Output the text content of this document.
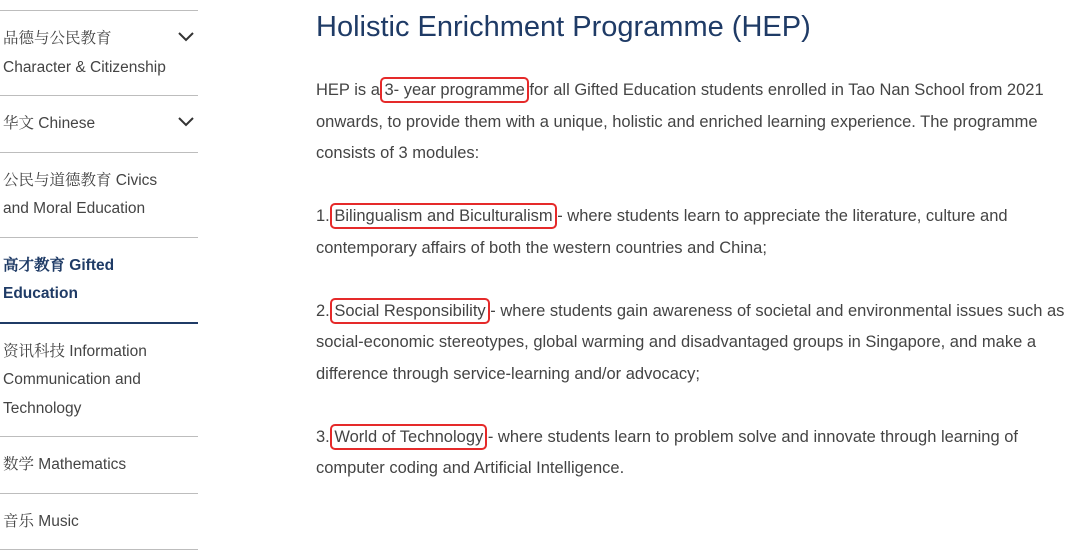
品德与公民教育
Character & Citizenship
华文 Chinese
公民与道德教育 Civics and Moral Education
高才教育 Gifted Education
资讯科技 Information Communication and Technology
数学 Mathematics
音乐 Music
Holistic Enrichment Programme (HEP)

HEP is a 3- year programme for all Gifted Education students enrolled in Tao Nan School from 2021 onwards, to provide them with a unique, holistic and enriched learning experience. The programme consists of 3 modules:

1. Bilingualism and Biculturalism - where students learn to appreciate the literature, culture and contemporary affairs of both the western countries and China;

2. Social Responsibility - where students gain awareness of societal and environmental issues such as social-economic stereotypes, global warming and disadvantaged groups in Singapore, and make a difference through service-learning and/or advocacy;

3. World of Technology - where students learn to problem solve and innovate through learning of computer coding and Artificial Intelligence.
